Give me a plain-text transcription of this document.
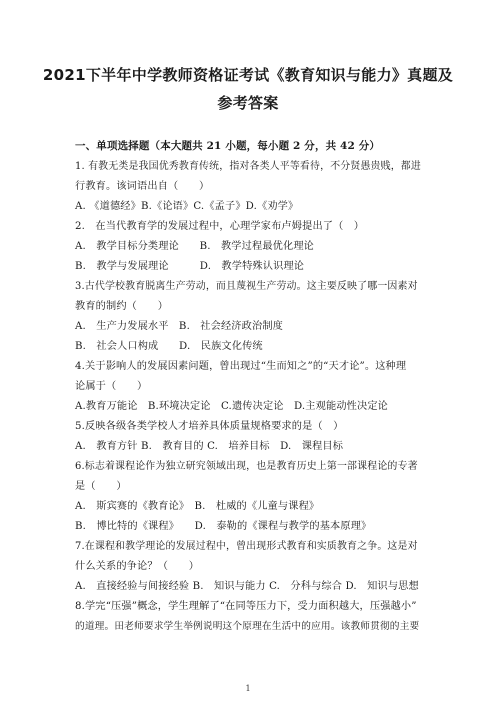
2021下半年中学教师资格证考试《教育知识与能力》真题及
参考答案
一、单项选择题（本大题共 21 小题，每小题 2 分，共 42 分）
1. 有教无类是我国优秀教育传统，指对各类人平等看待，不分贤愚贵贱，都进
行教育。该词语出自（　　）
A. 《道德经》B.《论语》C.《孟子》D.《劝学》
2.　在当代教育学的发展过程中，心理学家布卢姆提出了（　）
A.　教学目标分类理论　　B.　教学过程最优化理论
B.　教学与发展理论　　　D.　教学特殊认识理论
3.古代学校教育脱离生产劳动，而且蔑视生产劳动。这主要反映了哪一因素对
教育的制约（　　）
A.　生产力发展水平　B.　社会经济政治制度
B.　社会人口构成　　D.　民族文化传统
4.关于影响人的发展因素问题，曾出现过“生而知之”的“天才论”。这种理
论属于（　　）
A.教育万能论　B.环境决定论　C.遗传决定论　D.主观能动性决定论
5.反映各级各类学校人才培养具体质量规格要求的是（　）
A.　教育方针 B.　教育目的 C.　培养目标　D.　课程目标
6.标志着课程论作为独立研究领域出现，也是教育历史上第一部课程论的专著
是（　　）
A.　斯宾赛的《教育论》　B.　杜威的《儿童与课程》
B.　博比特的《课程》　　D.　泰勒的《课程与教学的基本原理》
7.在课程和教学理论的发展过程中，曾出现形式教育和实质教育之争。这是对
什么关系的争论？（　　）
A.　直接经验与间接经验 B.　知识与能力 C.　分科与综合 D.　知识与思想
8.学完“压强”概念，学生理解了“在同等压力下，受力面积越大，压强越小”
的道理。田老师要求学生举例说明这个原理在生活中的应用。该教师贯彻的主要
1
